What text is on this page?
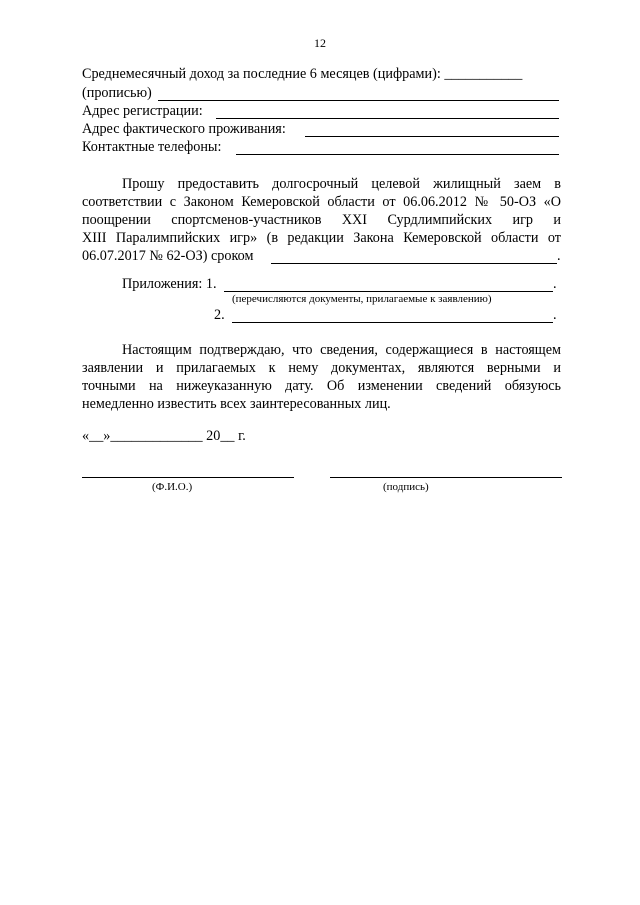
12
Среднемесячный доход за последние 6 месяцев (цифрами): ___________
(прописью)
Адрес регистрации:
Адрес фактического проживания:
Контактные телефоны:
Прошу предоставить долгосрочный целевой жилищный заем в
соответствии с Законом Кемеровской области от 06.06.2012 № 50-ОЗ «О
поощрении спортсменов-участников XXI Сурдлимпийских игр и
XIII Паралимпийских игр» (в редакции Закона Кемеровской области от
06.07.2017 № 62-ОЗ) сроком	.
Приложения: 1.	.
(перечисляются документы, прилагаемые к заявлению)
2.	.
Настоящим подтверждаю, что сведения, содержащиеся в настоящем
заявлении и прилагаемых к нему документах, являются верными и
точными на нижеуказанную дату. Об изменении сведений обязуюсь
немедленно известить всех заинтересованных лиц.
«__»_____________ 20__ г.
(Ф.И.О.)	(подпись)
